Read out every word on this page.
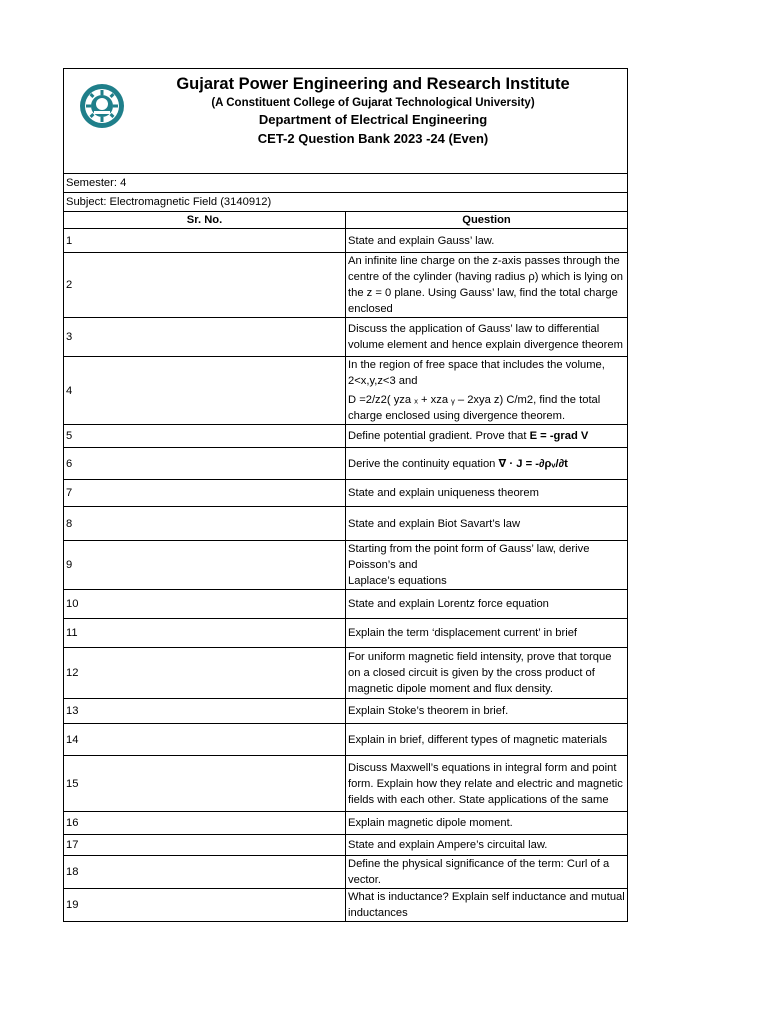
Gujarat Power Engineering and Research Institute
(A Constituent College of Gujarat Technological University)
Department of Electrical Engineering
CET-2 Question Bank 2023 -24 (Even)
Semester: 4	
Subject: Electromagnetic Field (3140912)	
Sr. No.	Question
1	State and explain Gauss’ law.
2	An infinite line charge on the z-axis passes through the centre of the cylinder (having radius ρ) which is lying on the z = 0 plane. Using Gauss’ law, find the total charge enclosed
3	Discuss the application of Gauss’ law to differential volume element and hence explain divergence theorem
4	In the region of free space that includes the volume, 2<x,y,z<3 and
D =2/z2( yza ₓ + xza ᵧ – 2xya z) C/m2, find the total charge enclosed using divergence theorem.

5	Define potential gradient. Prove that E = -grad V
6	Derive the continuity equation ∇ · J = -∂ρᵥ/∂t
7	State and explain uniqueness theorem
8	State and explain Biot Savart’s law
9	Starting from the point form of Gauss’ law, derive Poisson’s and
Laplace’s equations

10	State and explain Lorentz force equation
11	Explain the term ‘displacement current’ in brief
12	For uniform magnetic field intensity, prove that torque on a closed circuit is given by the cross product of magnetic dipole moment and flux density.
13	Explain Stoke’s theorem in brief.
14	Explain in brief, different types of magnetic materials
15	Discuss Maxwell’s equations in integral form and point form. Explain how they relate and electric and magnetic fields with each other. State applications of the same
16	Explain magnetic dipole moment.
17	State and explain Ampere’s circuital law.
18	Define the physical significance of the term: Curl of a vector.
19	What is inductance? Explain self inductance and mutual inductances
